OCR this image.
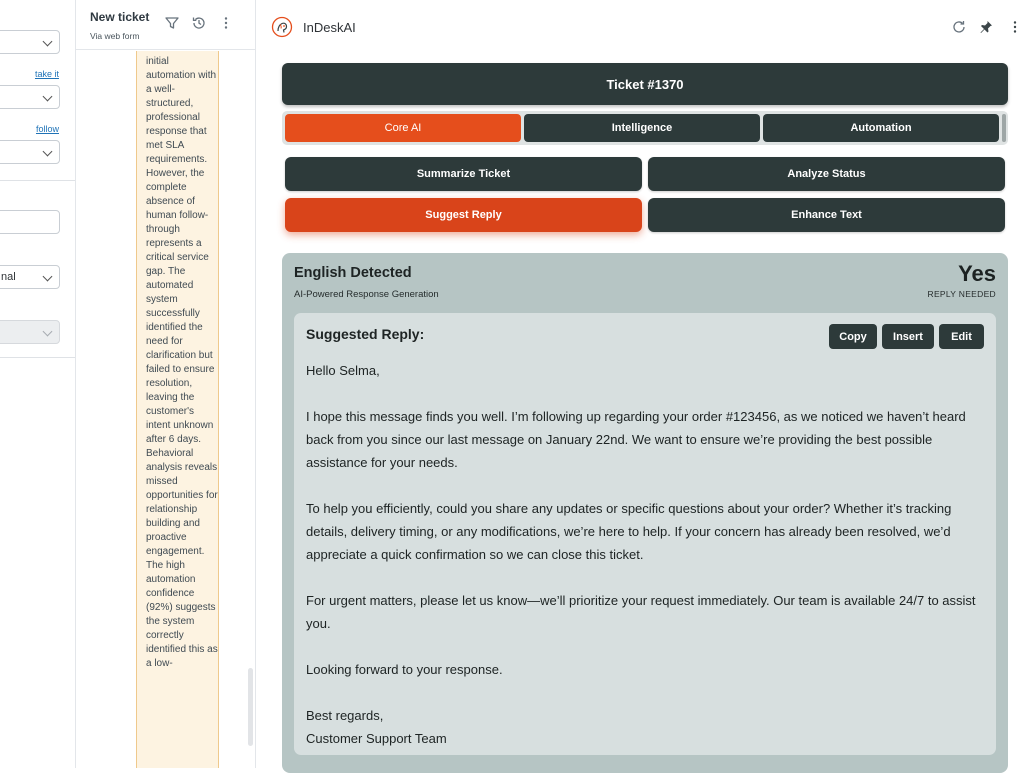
take it
follow
nal
New ticket
Via web form
initial automation with a well-structured, professional response that met SLA requirements. However, the complete absence of human follow-through represents a critical service gap. The automated system successfully identified the need for clarification but failed to ensure resolution, leaving the customer's intent unknown after 6 days. Behavioral analysis reveals missed opportunities for relationship building and proactive engagement. The high automation confidence (92%) suggests the system correctly identified this as a low-
InDeskAI
Ticket #1370
Core AI	Intelligence	Automation
Summarize Ticket	Analyze Status
Suggest Reply	Enhance Text
English Detected
AI-Powered Response Generation
Yes
REPLY NEEDED
Suggested Reply:	Copy	Insert	Edit

Hello Selma,

I hope this message finds you well. I’m following up regarding your order #123456, as we noticed we haven’t heard back from you since our last message on January 22nd. We want to ensure we’re providing the best possible assistance for your needs.

To help you efficiently, could you share any updates or specific questions about your order? Whether it’s tracking details, delivery timing, or any modifications, we’re here to help. If your concern has already been resolved, we’d appreciate a quick confirmation so we can close this ticket.

For urgent matters, please let us know—we’ll prioritize your request immediately. Our team is available 24/7 to assist you.

Looking forward to your response.

Best regards,

Customer Support Team
